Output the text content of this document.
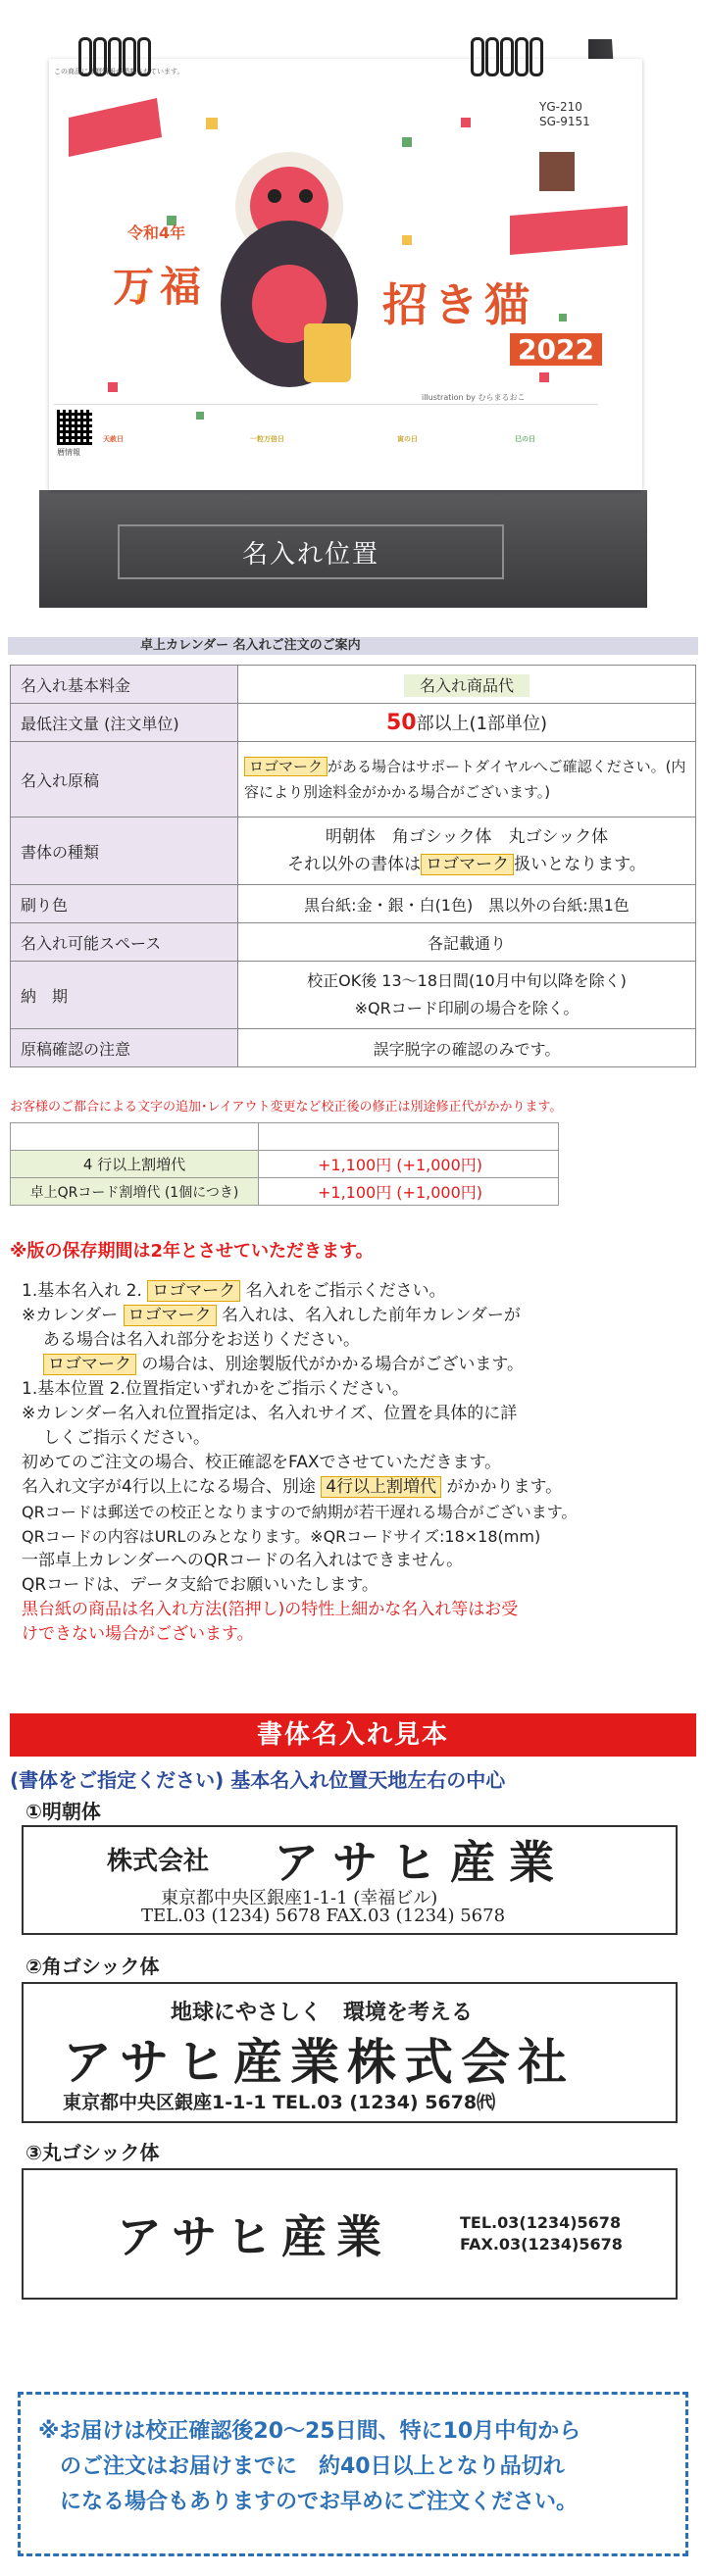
この商品には暦情報が掲載されています。
YG-210
SG-9151
令和4年
万福	招き猫
2022
illustration by むらまるおこ
天赦日	一粒万倍日	寅の日	巳の日
暦情報
名入れ位置
卓上カレンダー 名入れご注文のご案内
名入れ基本料金	名入れ商品代
最低注文量 (注文単位)	50部以上(1部単位)
名入れ原稿	ロゴマーク がある場合はサポートダイヤルへご確認ください。(内容により別途料金がかかる場合がございます。)
書体の種類	明朝体　角ゴシック体　丸ゴシック体
それ以外の書体は ロゴマーク 扱いとなります。

刷り色	黒台紙:金・銀・白(1色)　黒以外の台紙:黒1色
名入れ可能スペース	各記載通り
納　期	校正OK後 13～18日間(10月中旬以降を除く)
※QRコード印刷の場合を除く。

原稿確認の注意	誤字脱字の確認のみです。
お客様のご都合による文字の追加･レイアウト変更など校正後の修正は別途修正代がかかります。

4 行以上割増代	+1,100円 (+1,000円)
卓上QRコード割増代 (1個につき)	+1,100円 (+1,000円)
※版の保存期間は2年とさせていただきます。

1.基本名入れ 2. ロゴマーク 名入れをご指示ください。

※カレンダー ロゴマーク 名入れは、名入れした前年カレンダーが

ある場合は名入れ部分をお送りください。

ロゴマーク の場合は、別途製版代がかかる場合がございます。

1.基本位置 2.位置指定いずれかをご指示ください。

※カレンダー名入れ位置指定は、名入れサイズ、位置を具体的に詳

しくご指示ください。

初めてのご注文の場合、校正確認をFAXでさせていただきます。

名入れ文字が4行以上になる場合、別途 4行以上割増代 がかかります。

QRコードは郵送での校正となりますので納期が若干遅れる場合がございます。

QRコードの内容はURLのみとなります。※QRコードサイズ:18×18(mm)

一部卓上カレンダーへのQRコードの名入れはできません。

QRコードは、データ支給でお願いいたします。

黒台紙の商品は名入れ方法(箔押し)の特性上細かな名入れ等はお受

けできない場合がございます。

書体名入れ見本
(書体をご指定ください) 基本名入れ位置天地左右の中心
①明朝体
株式会社 アサヒ産業
東京都中央区銀座1-1-1 (幸福ビル)
TEL.03 (1234) 5678 FAX.03 (1234) 5678
②角ゴシック体
地球にやさしく　環境を考える
アサヒ産業株式会社
東京都中央区銀座1-1-1 TEL.03 (1234) 5678㈹
③丸ゴシック体
アサヒ産業	TEL.03(1234)5678
FAX.03(1234)5678
※お届けは校正確認後20～25日間、特に10月中旬から
のご注文はお届けまでに　約40日以上となり品切れ
になる場合もありますのでお早めにご注文ください。
